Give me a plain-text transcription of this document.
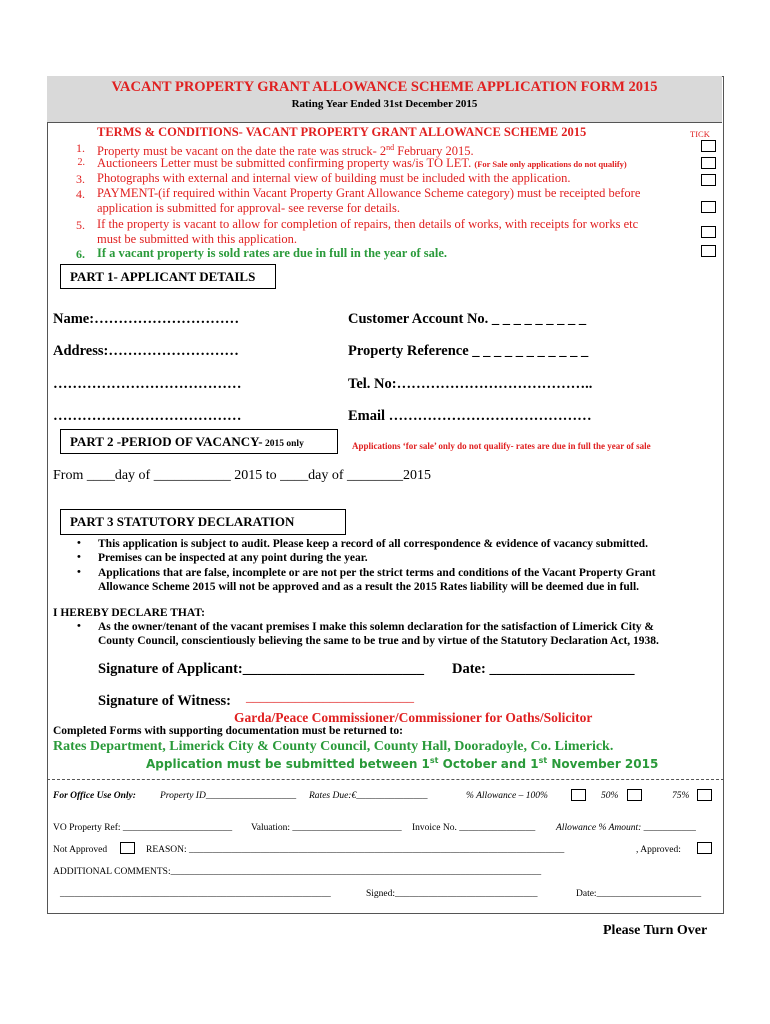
VACANT PROPERTY GRANT ALLOWANCE SCHEME APPLICATION FORM 2015
Rating Year Ended 31st December 2015
TERMS & CONDITIONS- VACANT PROPERTY GRANT ALLOWANCE SCHEME 2015	TICK
1. Property must be vacant on the date the rate was struck- 2nd February 2015.
2. Auctioneers Letter must be submitted confirming property was/is TO LET. (For Sale only applications do not qualify)
3. Photographs with external and internal view of building must be included with the application.
4. PAYMENT-(if required within Vacant Property Grant Allowance Scheme category) must be receipted before
application is submitted for approval- see reverse for details.
5. If the property is vacant to allow for completion of repairs, then details of works, with receipts for works etc
must be submitted with this application.
6. If a vacant property is sold rates are due in full in the year of sale.
PART 1- APPLICANT DETAILS
Name:…………………………	Customer Account No. _ _ _ _ _ _ _ _ _
Address:………………………	Property Reference _ _ _ _ _ _ _ _ _ _ _
…………………………………	Tel. No:…………………………………..
…………………………………	Email ……………………………………
PART 2 -PERIOD OF VACANCY- 2015 only	Applications ‘for sale’ only do not qualify- rates are due in full the year of sale
From ____day of ___________ 2015 to ____day of ________2015
PART 3 STATUTORY DECLARATION
• This application is subject to audit. Please keep a record of all correspondence & evidence of vacancy submitted.
• Premises can be inspected at any point during the year.
• Applications that are false, incomplete or are not per the strict terms and conditions of the Vacant Property Grant
Allowance Scheme 2015 will not be approved and as a result the 2015 Rates liability will be deemed due in full.
I HEREBY DECLARE THAT:
• As the owner/tenant of the vacant premises I make this solemn declaration for the satisfaction of Limerick City &
County Council, conscientiously believing the same to be true and by virtue of the Statutory Declaration Act, 1938.
Signature of Applicant:_________________________ Date: ____________________
Signature of Witness: ________________________
Garda/Peace Commissioner/Commissioner for Oaths/Solicitor
Completed Forms with supporting documentation must be returned to:
Rates Department, Limerick City & County Council, County Hall, Dooradoyle, Co. Limerick.
Application must be submitted between 1st October and 1st November 2015
For Office Use Only:	Property ID___________________ Rates Due:€_______________	% Allowance – 100%	50%	75%
VO Property Ref: _______________________ Valuation: _______________________ Invoice No. ________________ Allowance % Amount: ___________
Not Approved	REASON: _______________________________________________________________________________	, Approved:
ADDITIONAL COMMENTS:______________________________________________________________________________
_________________________________________________________	Signed:______________________________	Date:______________________
Please Turn Over
